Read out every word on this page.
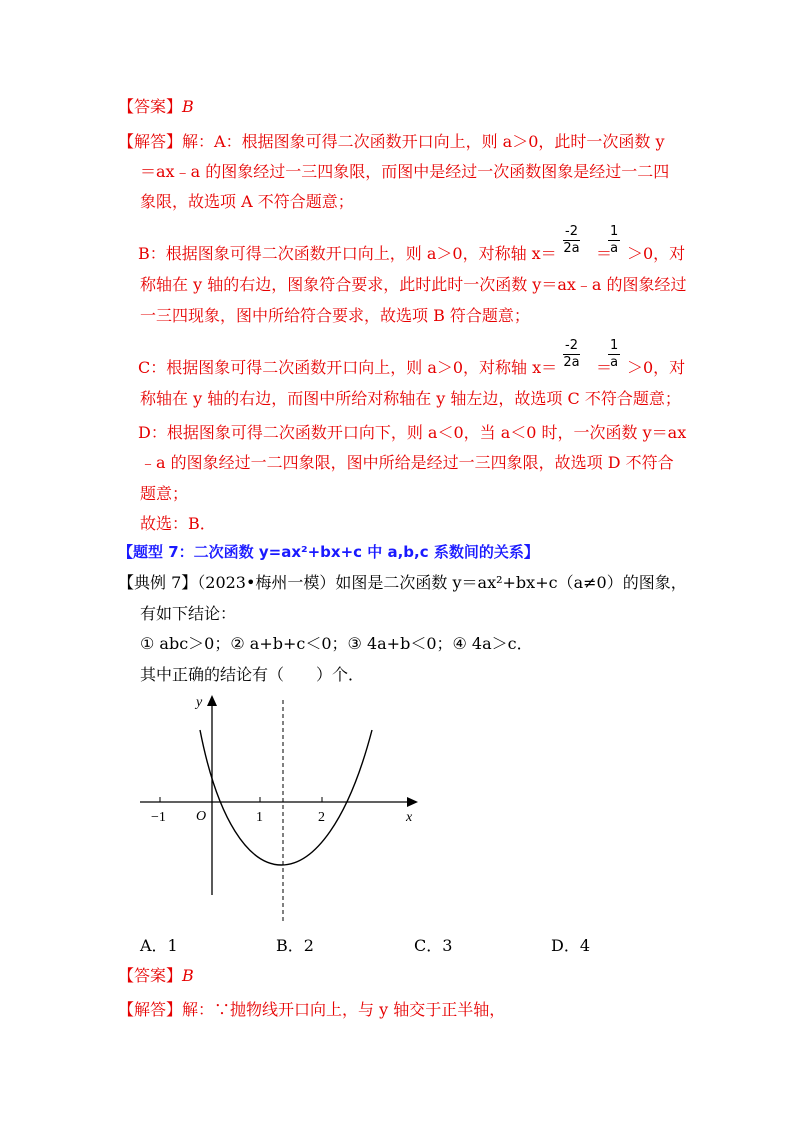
【答案】B
【解答】解：A：根据图象可得二次函数开口向上，则 a＞0，此时一次函数 y
＝ax﹣a 的图象经过一三四象限，而图中是经过一次函数图象是经过一二四
象限，故选项 A 不符合题意；
B：根据图象可得二次函数开口向上，则 a＞0，对称轴 $x= \frac{-2}{2a}$ ＝
$\frac{1}{a} >0$，对
称轴在 y 轴的右边，图象符合要求，此时此时一次函数 y＝ax﹣a 的图象经过
一三四现象，图中所给符合要求，故选项 B 符合题意；
C：根据图象可得二次函数开口向上，则 a＞0，对称轴 $x= \frac{-2}{2a}$ ＝
$\frac{1}{a} >0$，对
称轴在 y 轴的右边，而图中所给对称轴在 y 轴左边，故选项 C 不符合题意；
D：根据图象可得二次函数开口向下，则 a＜0，当 a＜0 时，一次函数 y＝ax
﹣a 的图象经过一二四象限，图中所给是经过一三四象限，故选项 D 不符合
题意；
故选：B．
【题型 7：二次函数 y=ax²+bx+c 中 a,b,c 系数间的关系】
【典例 7】（2023•梅州一模）如图是二次函数 y＝ax²+bx+c（a≠0）的图象，
有如下结论：
① abc＞0；② a+b+c＜0；③ 4a+b＜0；④ 4a＞c．
其中正确的结论有（　　）个．
y
x
O
−1	1	2
A．1	B．2	C．3	D．4
【答案】B
【解答】解：∵抛物线开口向上，与 y 轴交于正半轴，
